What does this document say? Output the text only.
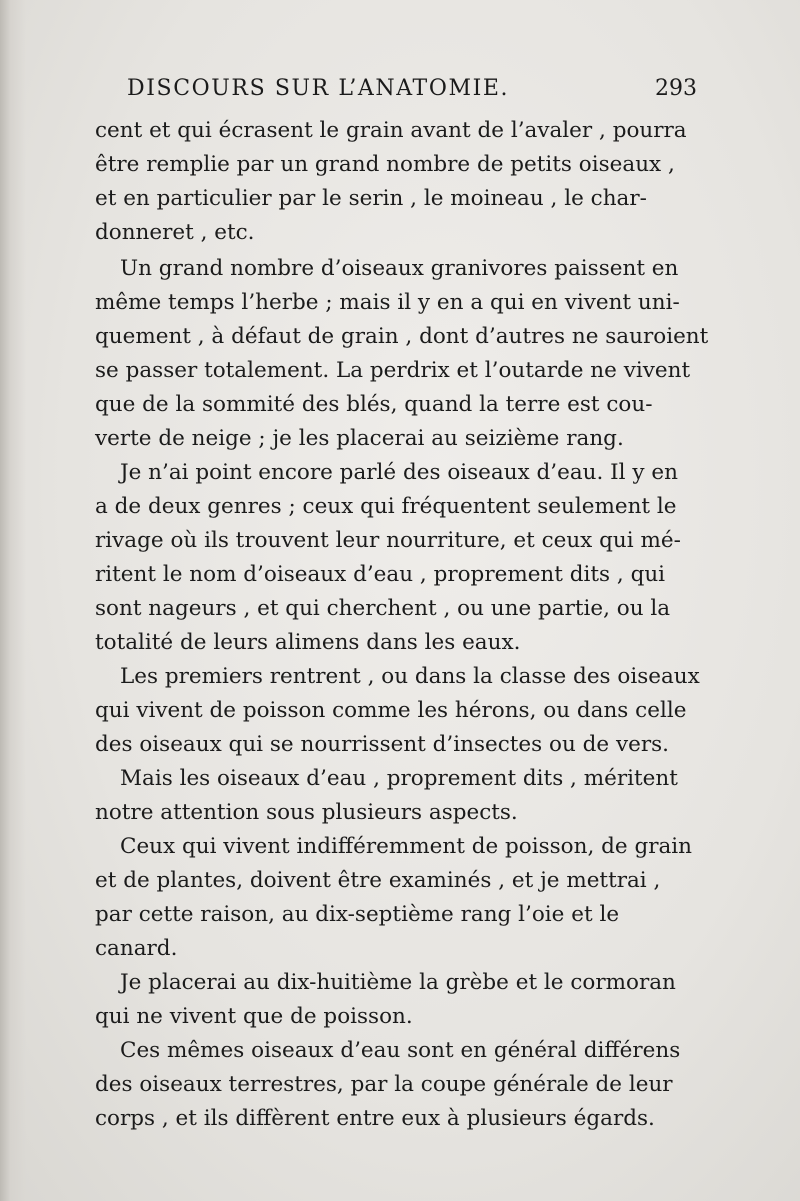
DISCOURS SUR L’ANATOMIE.	293
cent et qui écrasent le grain avant de l’avaler , pourra
être remplie par un grand nombre de petits oiseaux ,
et en particulier par le serin , le moineau , le char-
donneret , etc.
Un grand nombre d’oiseaux granivores paissent en
même temps l’herbe ; mais il y en a qui en vivent uni-
quement , à défaut de grain , dont d’autres ne sauroient
se passer totalement. La perdrix et l’outarde ne vivent
que de la sommité des blés, quand la terre est cou-
verte de neige ; je les placerai au seizième rang.
Je n’ai point encore parlé des oiseaux d’eau. Il y en
a de deux genres ; ceux qui fréquentent seulement le
rivage où ils trouvent leur nourriture, et ceux qui mé-
ritent le nom d’oiseaux d’eau , proprement dits , qui
sont nageurs , et qui cherchent , ou une partie, ou la
totalité de leurs alimens dans les eaux.
Les premiers rentrent , ou dans la classe des oiseaux
qui vivent de poisson comme les hérons, ou dans celle
des oiseaux qui se nourrissent d’insectes ou de vers.
Mais les oiseaux d’eau , proprement dits , méritent
notre attention sous plusieurs aspects.
Ceux qui vivent indifféremment de poisson, de grain
et de plantes, doivent être examinés , et je mettrai ,
par cette raison, au dix-septième rang l’oie et le
canard.
Je placerai au dix-huitième la grèbe et le cormoran
qui ne vivent que de poisson.
Ces mêmes oiseaux d’eau sont en général différens
des oiseaux terrestres, par la coupe générale de leur
corps , et ils diffèrent entre eux à plusieurs égards.
